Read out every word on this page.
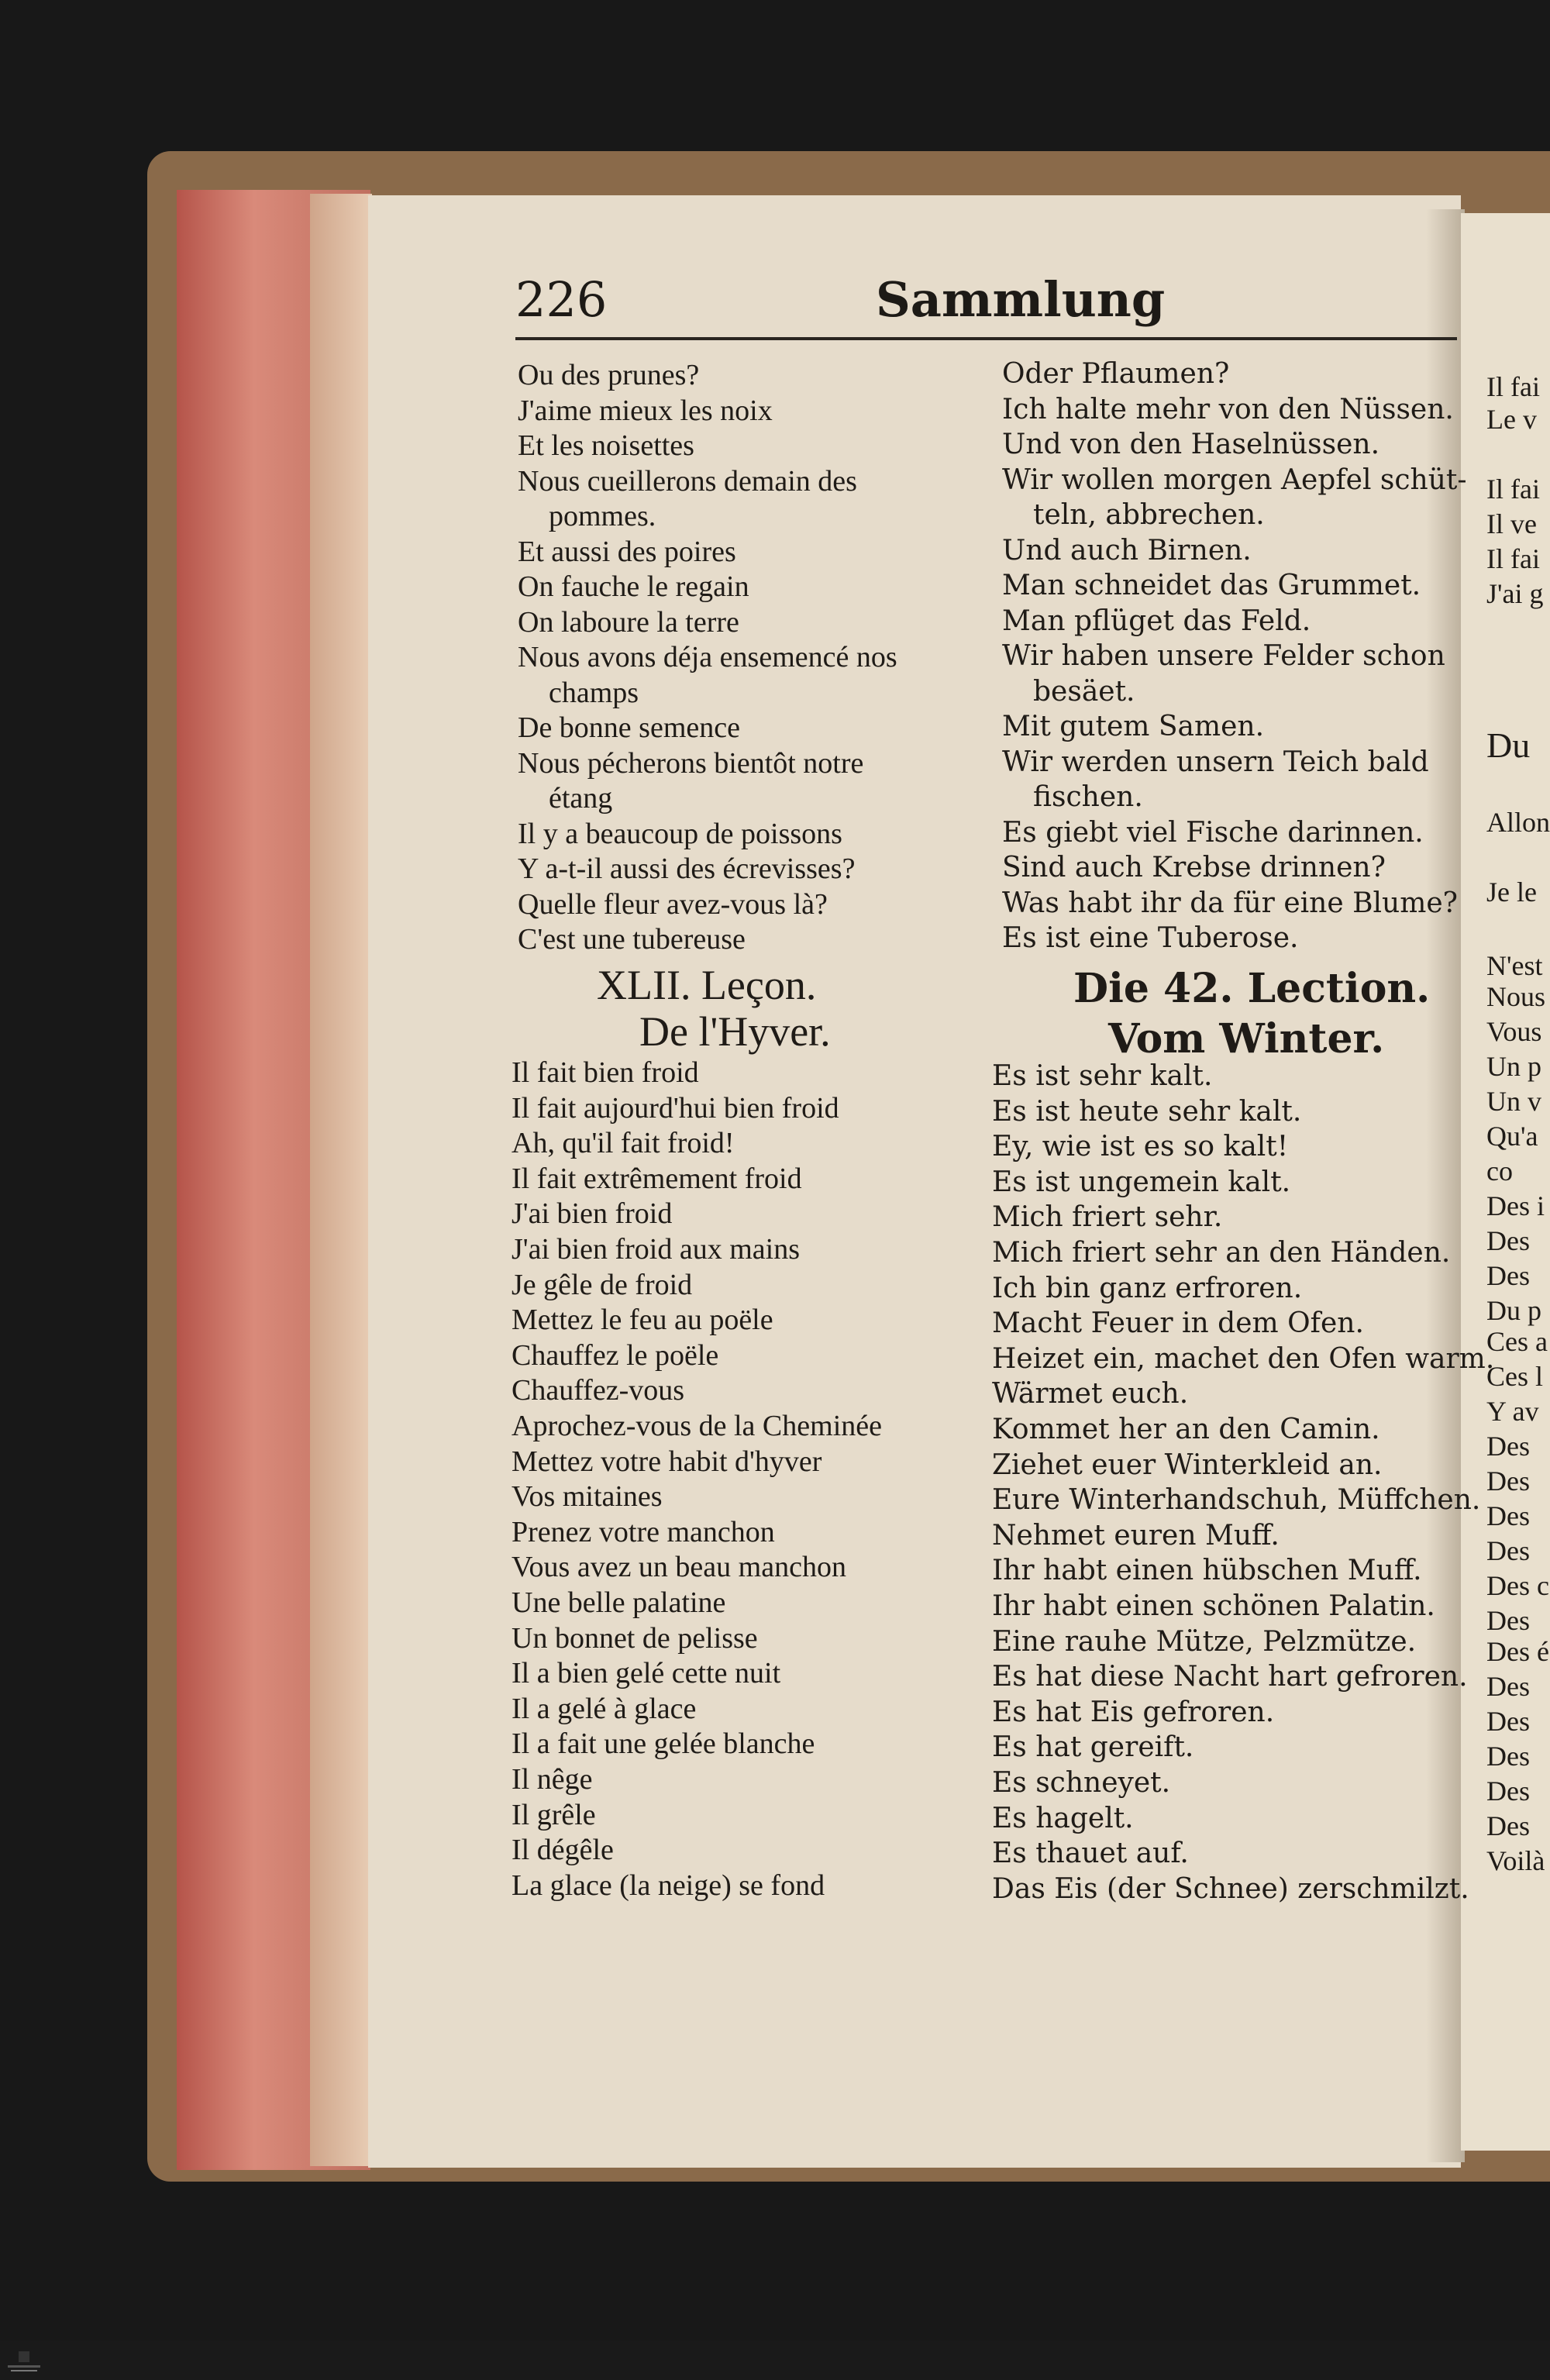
226	Sammlung
Ou des prunes?
J'aime mieux les noix
Et les noisettes
Nous cueillerons demain des
pommes.
Et aussi des poires
On fauche le regain
On laboure la terre
Nous avons déja ensemencé nos
champs
De bonne semence
Nous pécherons bientôt notre
étang
Il y a beaucoup de poissons
Y a-t-il aussi des écrevisses?
Quelle fleur avez-vous là?
C'est une tubereuse
Oder Pflaumen?
Ich halte mehr von den Nüssen.
Und von den Haselnüssen.
Wir wollen morgen Aepfel schüt-
teln, abbrechen.
Und auch Birnen.
Man schneidet das Grummet.
Man pflüget das Feld.
Wir haben unsere Felder schon
besäet.
Mit gutem Samen.
Wir werden unsern Teich bald
fischen.
Es giebt viel Fische darinnen.
Sind auch Krebse drinnen?
Was habt ihr da für eine Blume?
Es ist eine Tuberose.
XLII. Leçon.
De l'Hyver.
Die 42. Lection.
Vom Winter.
Il fait bien froid
Il fait aujourd'hui bien froid
Ah, qu'il fait froid!
Il fait extrêmement froid
J'ai bien froid
J'ai bien froid aux mains
Je gêle de froid
Mettez le feu au poële
Chauffez le poële
Chauffez-vous
Aprochez-vous de la Cheminée
Mettez votre habit d'hyver
Vos mitaines
Prenez votre manchon
Vous avez un beau manchon
Une belle palatine
Un bonnet de pelisse
Il a bien gelé cette nuit
Il a gelé à glace
Il a fait une gelée blanche
Il nêge
Il grêle
Il dégêle
La glace (la neige) se fond
Es ist sehr kalt.
Es ist heute sehr kalt.
Ey, wie ist es so kalt!
Es ist ungemein kalt.
Mich friert sehr.
Mich friert sehr an den Händen.
Ich bin ganz erfroren.
Macht Feuer in dem Ofen.
Heizet ein, machet den Ofen warm.
Wärmet euch.
Kommet her an den Camin.
Ziehet euer Winterkleid an.
Eure Winterhandschuh, Müffchen.
Nehmet euren Muff.
Ihr habt einen hübschen Muff.
Ihr habt einen schönen Palatin.
Eine rauhe Mütze, Pelzmütze.
Es hat diese Nacht hart gefroren.
Es hat Eis gefroren.
Es hat gereift.
Es schneyet.
Es hagelt.
Es thauet auf.
Das Eis (der Schnee) zerschmilzt.
Il fai
Le v
Il fai
Il ve
Il fai
J'ai g
Du
Allon
Je le
N'est
Nous
Vous
Un p
Un v
Qu'a
co
Des i
Des
Des
Du p
Ces a
Ces l
Y av
Des
Des
Des
Des
Des c
Des
Des é
Des
Des
Des
Des
Des
Voilà
